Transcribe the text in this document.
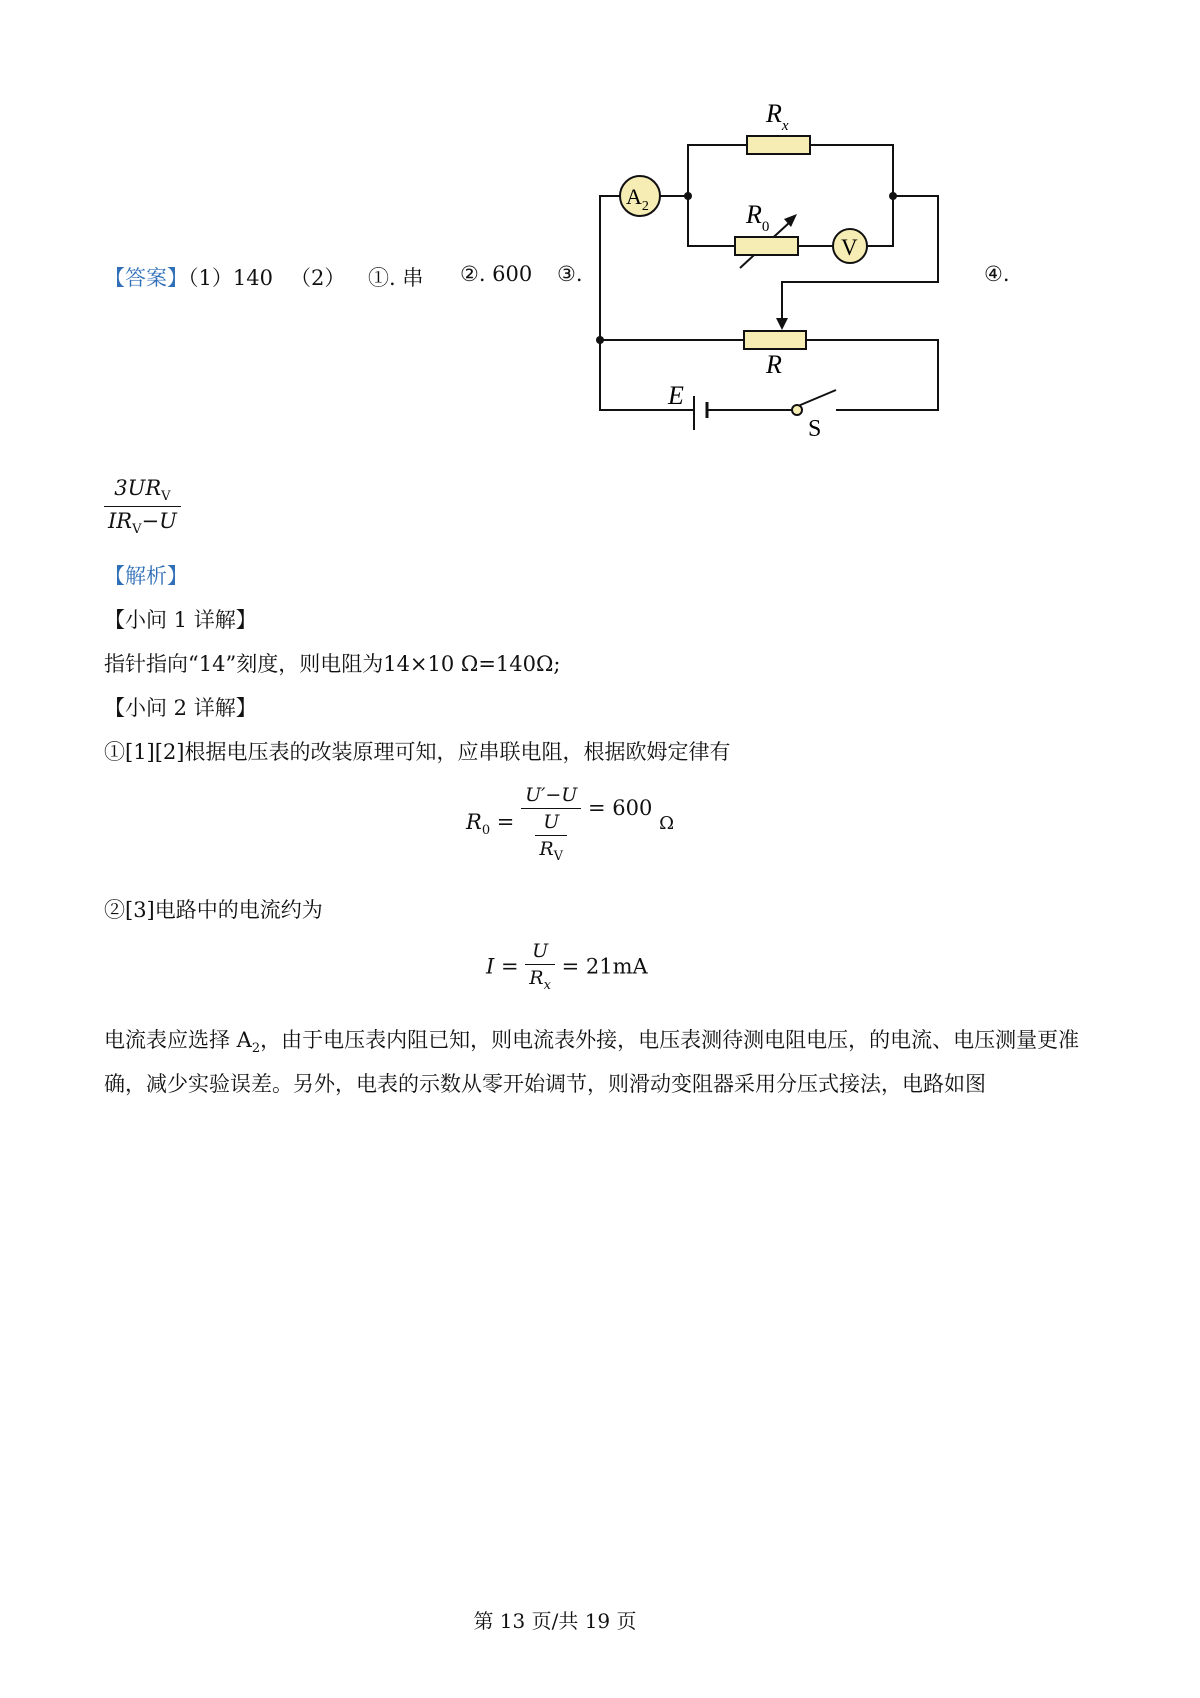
【答案】（1）140 （2） ①. 串 ②. 600 ③.	④.
$R_x$
$R_0$
$A_2$
V
R
E
S
$\frac{3UR_V}{IR_V-U}$
【解析】
【小问 1 详解】
指针指向“14”刻度，则电阻为14×10 Ω=140Ω;
【小问 2 详解】
①[1][2]根据电压表的改装原理可知，应串联电阻，根据欧姆定律有
$R_0 = \frac{U'-U}{\frac{U}{R_V}} = 600$ Ω
②[3]电路中的电流约为
$I = \frac{U}{R_x} = 21mA$
电流表应选择 $A_2$，由于电压表内阻已知，则电流表外接，电压表测待测电阻电压，的电流、电压测量更准
确，减少实验误差。另外，电表的示数从零开始调节，则滑动变阻器采用分压式接法，电路如图
第 13 页/共 19 页
